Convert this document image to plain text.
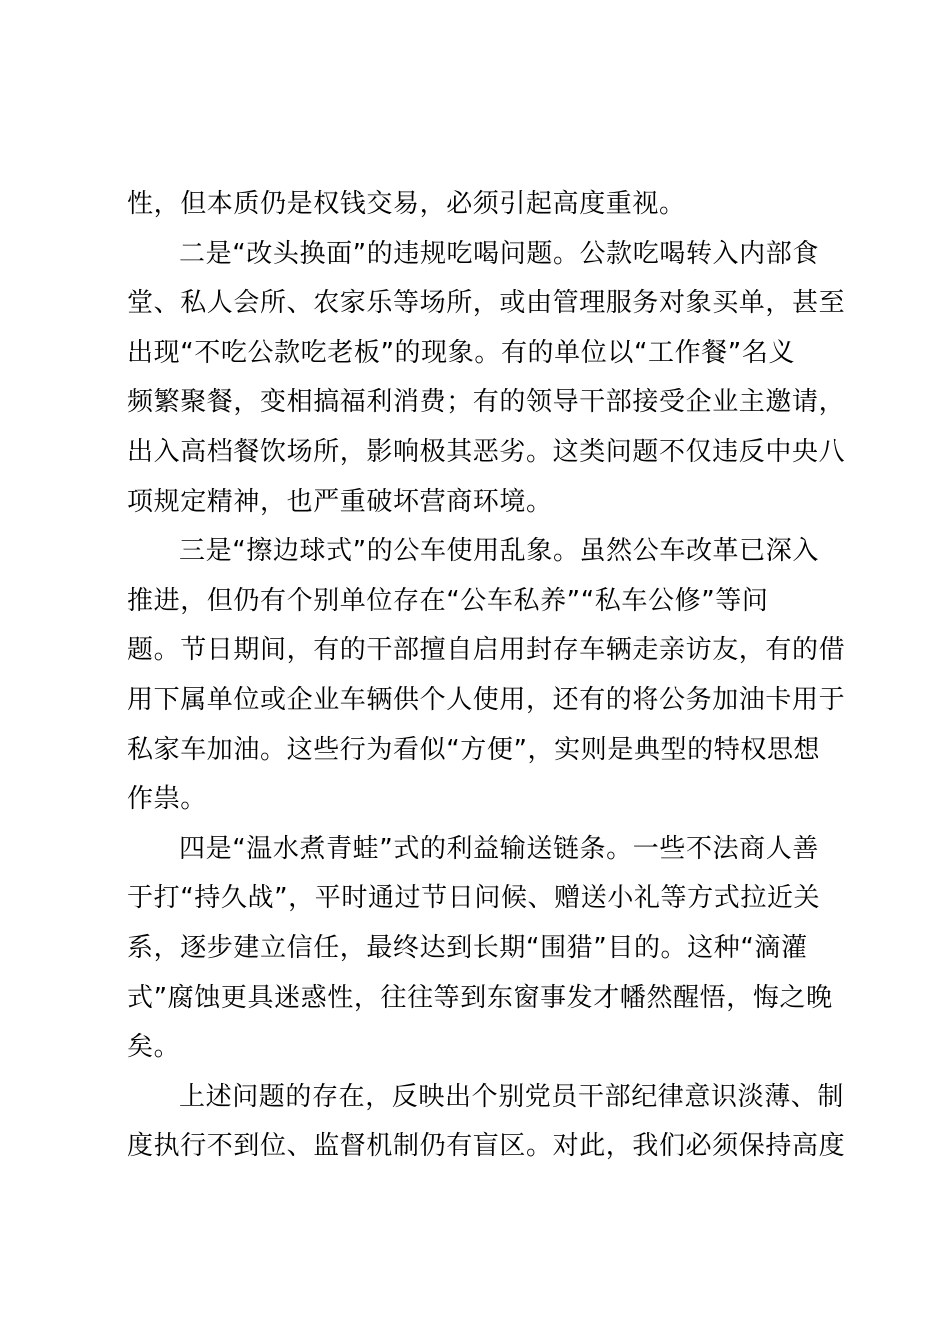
性，但本质仍是权钱交易，必须引起高度重视。
二是“改头换面”的违规吃喝问题。公款吃喝转入内部食
堂、私人会所、农家乐等场所，或由管理服务对象买单，甚至
出现“不吃公款吃老板”的现象。有的单位以“工作餐”名义
频繁聚餐，变相搞福利消费；有的领导干部接受企业主邀请，
出入高档餐饮场所，影响极其恶劣。这类问题不仅违反中央八
项规定精神，也严重破坏营商环境。
三是“擦边球式”的公车使用乱象。虽然公车改革已深入
推进，但仍有个别单位存在“公车私养”“私车公修”等问
题。节日期间，有的干部擅自启用封存车辆走亲访友，有的借
用下属单位或企业车辆供个人使用，还有的将公务加油卡用于
私家车加油。这些行为看似“方便”，实则是典型的特权思想
作祟。
四是“温水煮青蛙”式的利益输送链条。一些不法商人善
于打“持久战”，平时通过节日问候、赠送小礼等方式拉近关
系，逐步建立信任，最终达到长期“围猎”目的。这种“滴灌
式”腐蚀更具迷惑性，往往等到东窗事发才幡然醒悟，悔之晚
矣。
上述问题的存在，反映出个别党员干部纪律意识淡薄、制
度执行不到位、监督机制仍有盲区。对此，我们必须保持高度
